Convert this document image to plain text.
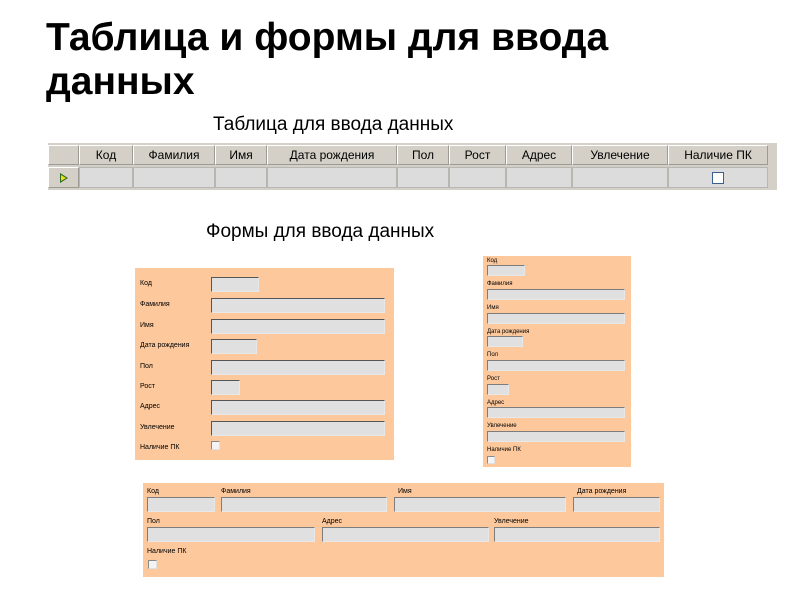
Таблица и формы для ввода данных
Таблица для ввода данных
Код	Фамилия	Имя	Дата рождения	Пол	Рост	Адрес	Увлечение	Наличие ПК
Формы для ввода данных
Код
Фамилия
Имя
Дата рождения
Пол
Рост
Адрес
Увлечение
Наличие ПК
Код
Фамилия
Имя
Дата рождения
Пол
Рост
Адрес
Увлечение
Наличие ПК
Код	Фамилия	Имя	Дата рождения
Пол	Адрес	Увлечение
Наличие ПК
